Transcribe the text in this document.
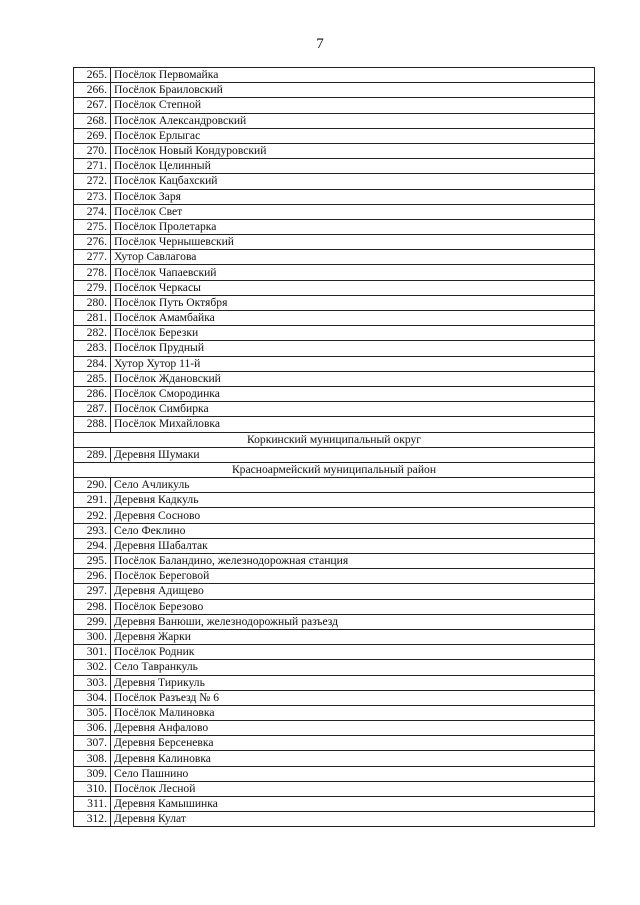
7
265.	Посёлок Первомайка
266.	Посёлок Браиловский
267.	Посёлок Степной
268.	Посёлок Александровский
269.	Посёлок Ерлыгас
270.	Посёлок Новый Кондуровский
271.	Посёлок Целинный
272.	Посёлок Кацбахский
273.	Посёлок Заря
274.	Посёлок Свет
275.	Посёлок Пролетарка
276.	Посёлок Чернышевский
277.	Хутор Савлагова
278.	Посёлок Чапаевский
279.	Посёлок Черкасы
280.	Посёлок Путь Октября
281.	Посёлок Амамбайка
282.	Посёлок Березки
283.	Посёлок Прудный
284.	Хутор Хутор 11-й
285.	Посёлок Ждановский
286.	Посёлок Смородинка
287.	Посёлок Симбирка
288.	Посёлок Михайловка
Коркинский муниципальный округ	
289.	Деревня Шумаки
Красноармейский муниципальный район	
290.	Село Ачликуль
291.	Деревня Кадкуль
292.	Деревня Сосново
293.	Село Феклино
294.	Деревня Шабалтак
295.	Посёлок Баландино, железнодорожная станция
296.	Посёлок Береговой
297.	Деревня Адищево
298.	Посёлок Березово
299.	Деревня Ванюши, железнодорожный разъезд
300.	Деревня Жарки
301.	Посёлок Родник
302.	Село Тавранкуль
303.	Деревня Тирикуль
304.	Посёлок Разъезд № 6
305.	Посёлок Малиновка
306.	Деревня Анфалово
307.	Деревня Берсеневка
308.	Деревня Калиновка
309.	Село Пашнино
310.	Посёлок Лесной
311.	Деревня Камышинка
312.	Деревня Кулат
